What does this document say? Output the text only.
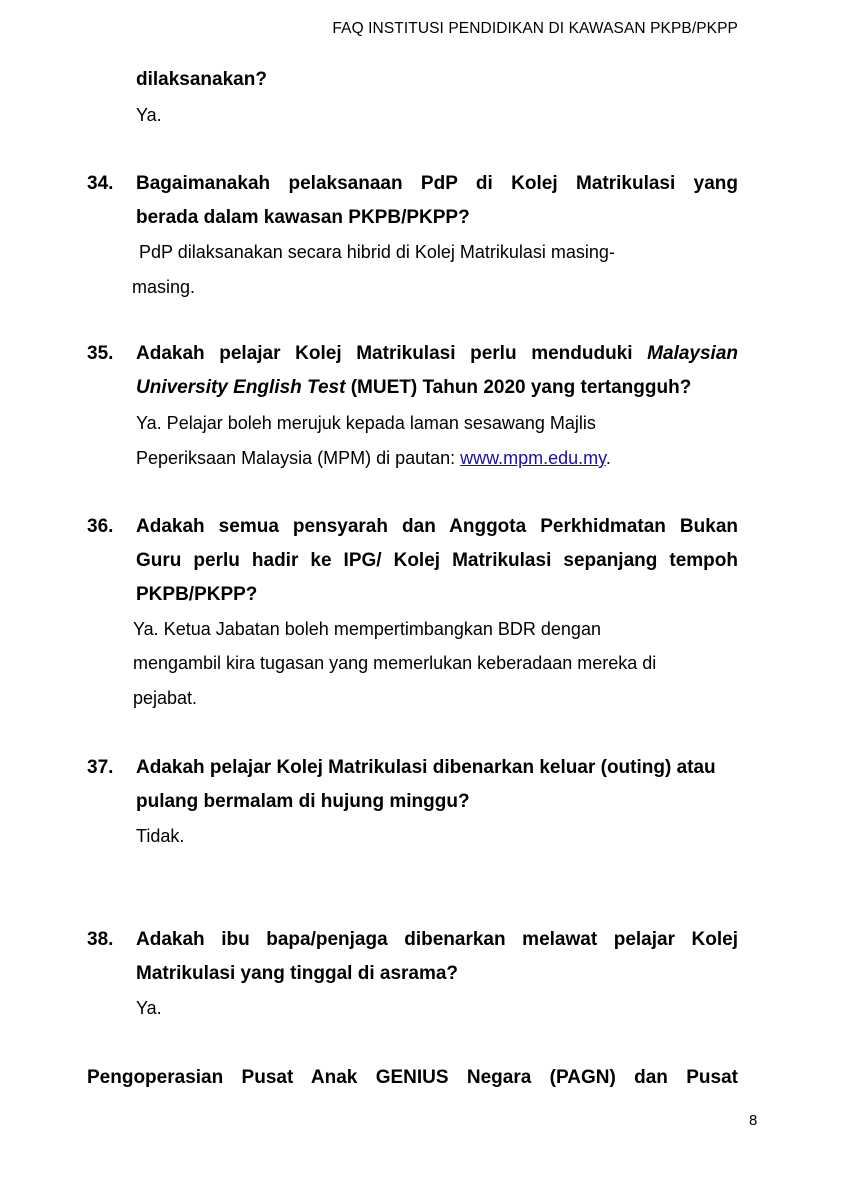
FAQ INSTITUSI PENDIDIKAN DI KAWASAN PKPB/PKPP
dilaksanakan?
Ya.
34. Bagaimanakah pelaksanaan PdP di Kolej Matrikulasi yang
berada dalam kawasan PKPB/PKPP?
PdP dilaksanakan secara hibrid di Kolej Matrikulasi masing-
masing.
35. Adakah pelajar Kolej Matrikulasi perlu menduduki Malaysian
University English Test (MUET) Tahun 2020 yang tertangguh?
Ya. Pelajar boleh merujuk kepada laman sesawang Majlis
Peperiksaan Malaysia (MPM) di pautan: www.mpm.edu.my.
36. Adakah semua pensyarah dan Anggota Perkhidmatan Bukan
Guru perlu hadir ke IPG/ Kolej Matrikulasi sepanjang tempoh
PKPB/PKPP?
Ya. Ketua Jabatan boleh mempertimbangkan BDR dengan
mengambil kira tugasan yang memerlukan keberadaan mereka di
pejabat.
37. Adakah pelajar Kolej Matrikulasi dibenarkan keluar (outing) atau
pulang bermalam di hujung minggu?
Tidak.
38. Adakah ibu bapa/penjaga dibenarkan melawat pelajar Kolej
Matrikulasi yang tinggal di asrama?
Ya.
Pengoperasian Pusat Anak GENIUS Negara (PAGN) dan Pusat
8
